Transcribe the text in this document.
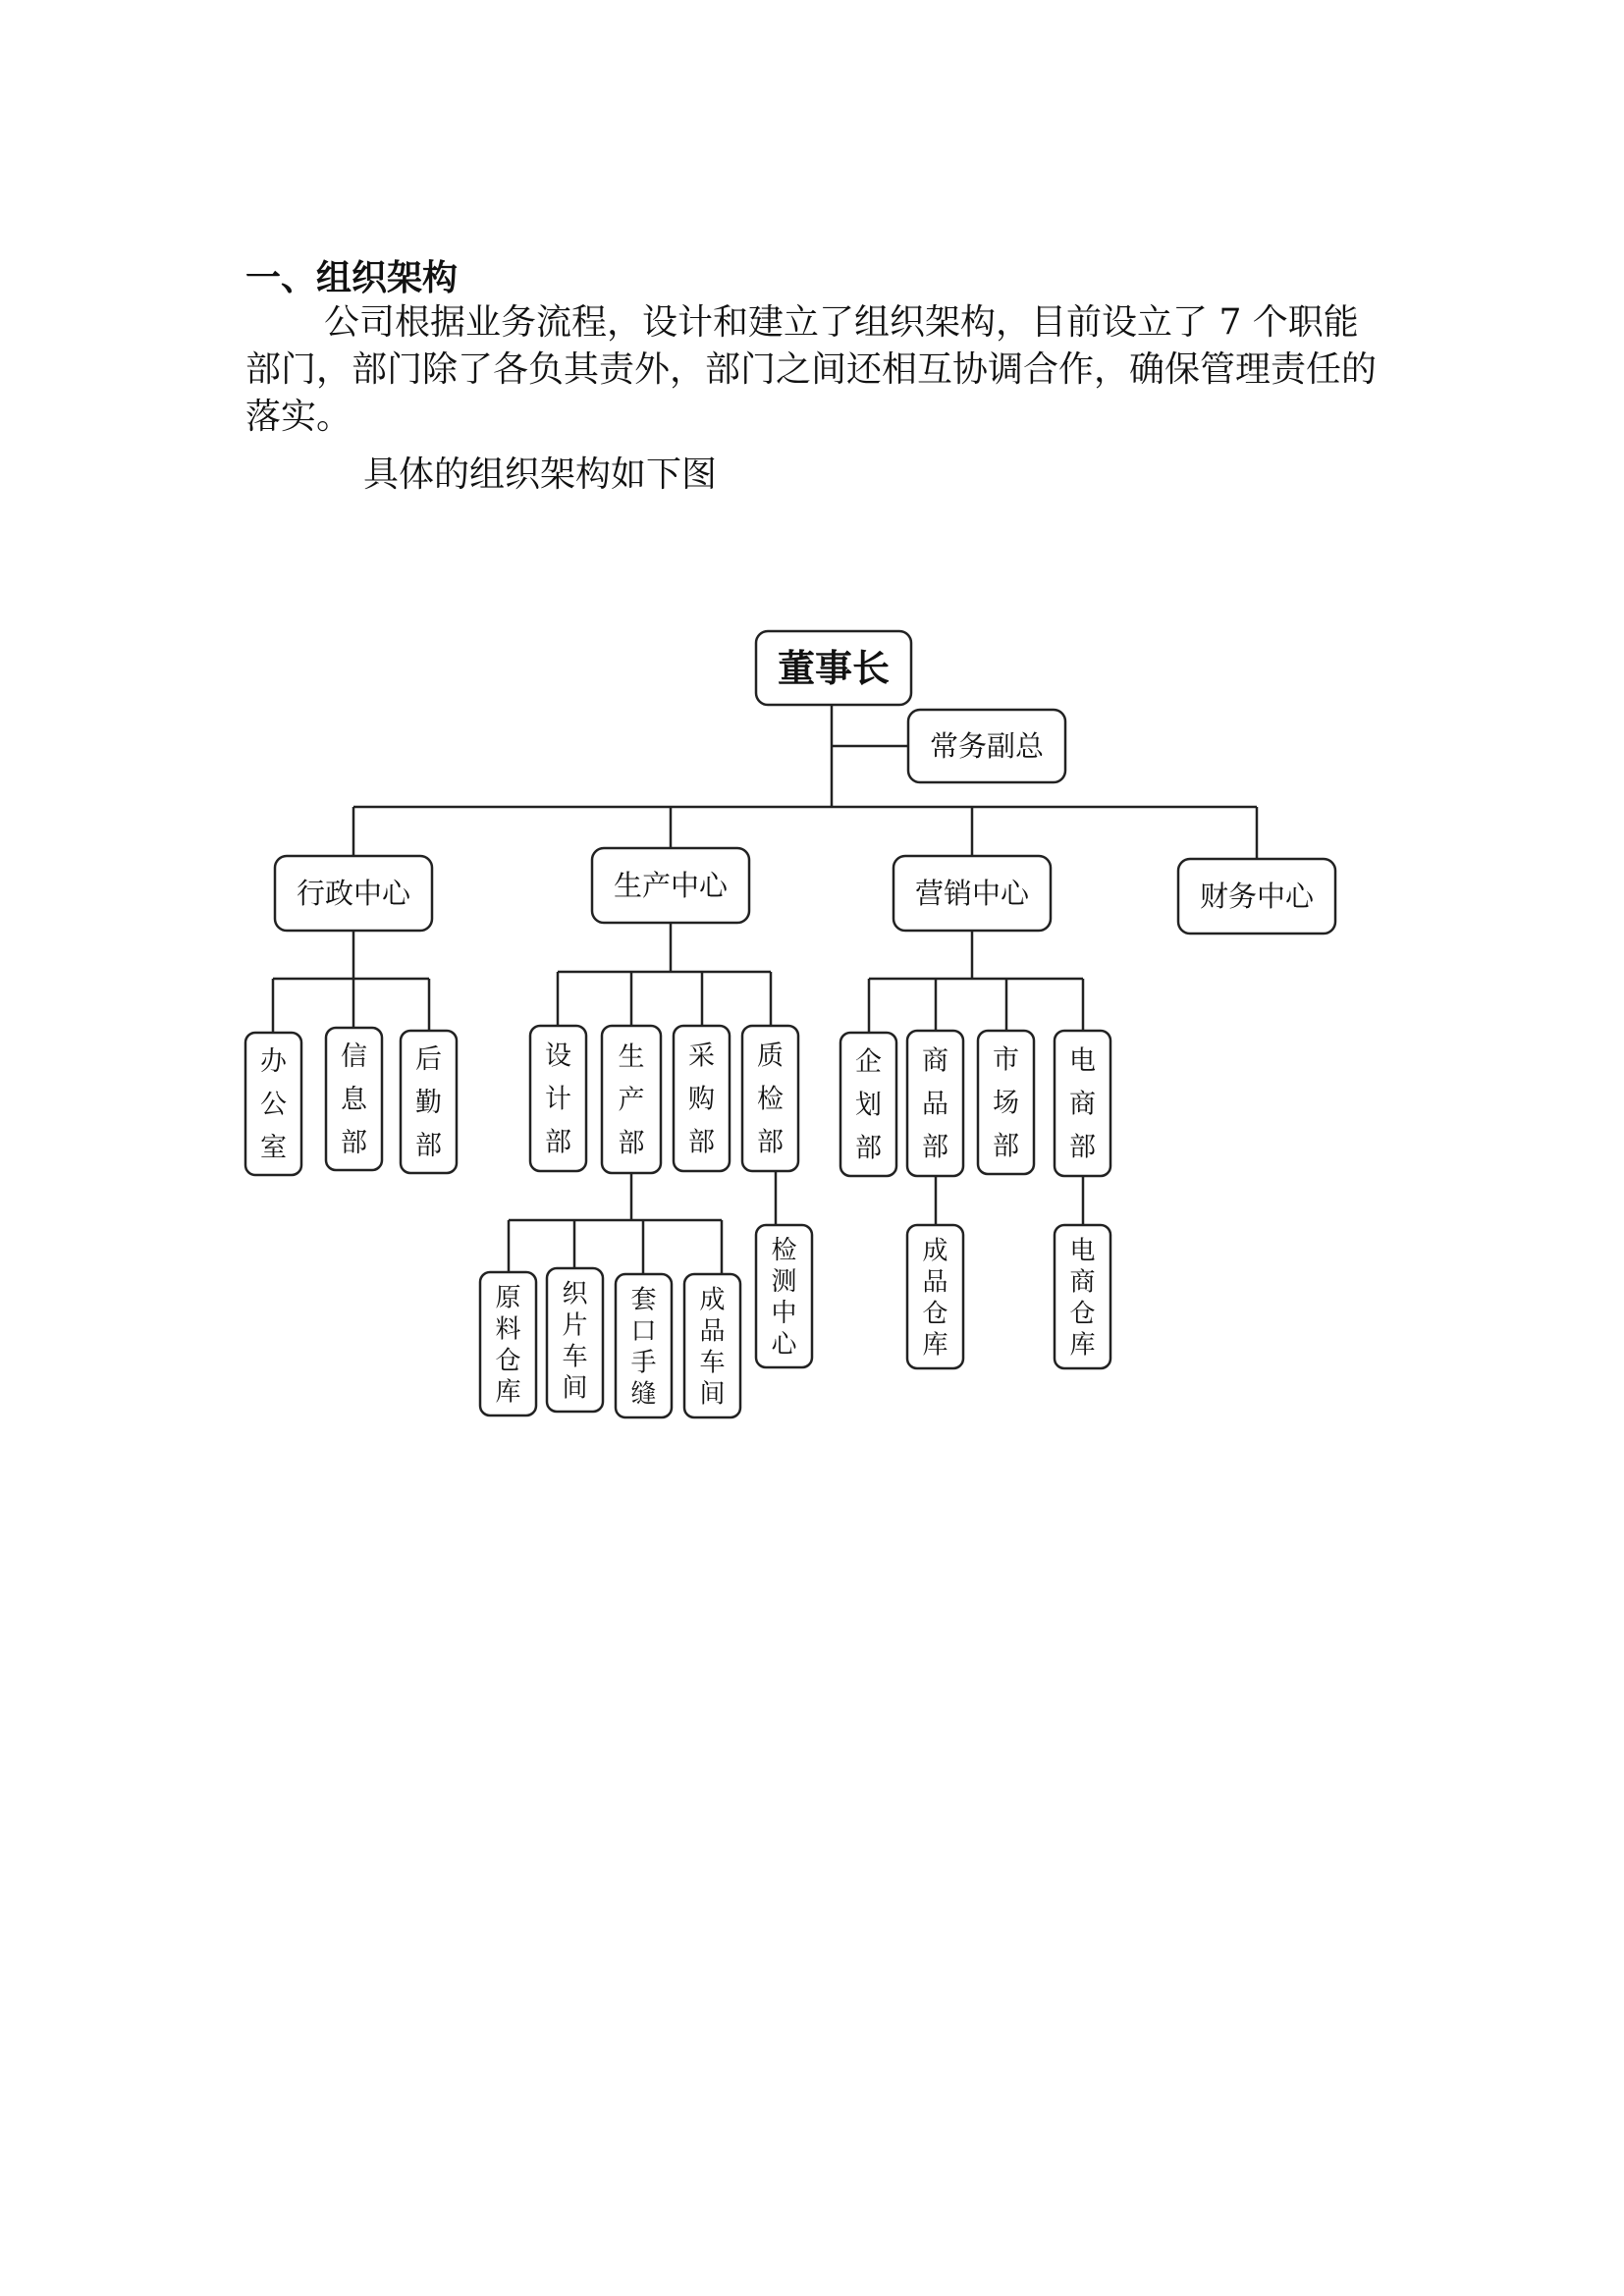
一、组织架构
公司根据业务流程，设计和建立了组织架构，目前设立了 7 个职能部门，部门除了各负其责外，部门之间还相互协调合作，确保管理责任的落实。
具体的组织架构如下图
董事长
常务副总
行政中心	生产中心	营销中心	财务中心
办公室
信息部
后勤部
设计部
生产部
采购部
质检部
原料仓库
织片车间
套口手缝
成品车间
检测中心
企划部
商品部
市场部
电商部
成品仓库
电商仓库
